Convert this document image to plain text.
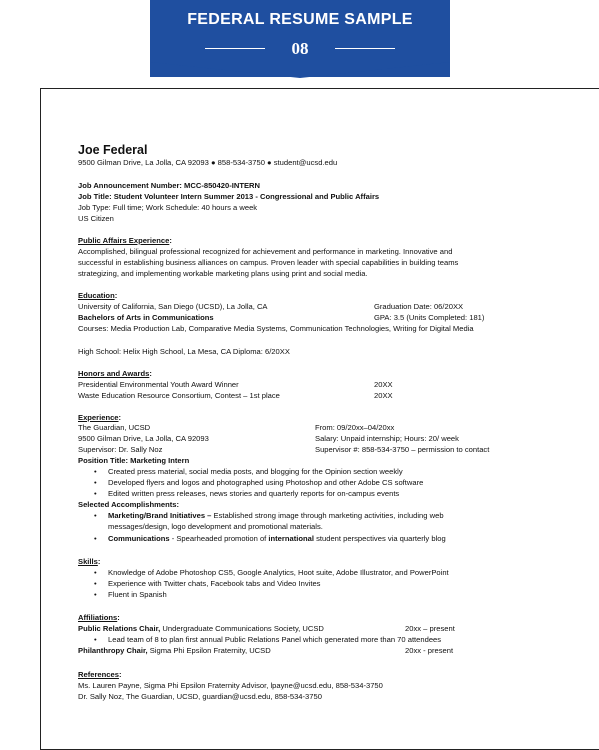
FEDERAL RESUME SAMPLE
08
Joe Federal
9500 Gilman Drive, La Jolla, CA 92093 ● 858-534-3750 ● student@ucsd.edu
Job Announcement Number: MCC-850420-INTERN
Job Title: Student Volunteer Intern Summer 2013 - Congressional and Public Affairs
Job Type: Full time; Work Schedule: 40 hours a week
US Citizen
Public Affairs Experience:
Accomplished, bilingual professional recognized for achievement and performance in marketing. Innovative and
successful in establishing business alliances on campus. Proven leader with special capabilities in building teams
strategizing, and implementing workable marketing plans using print and social media.
Education:
University of California, San Diego (UCSD), La Jolla, CA	Graduation Date: 06/20XX
Bachelors of Arts in Communications	GPA: 3.5 (Units Completed: 181)
Courses: Media Production Lab, Comparative Media Systems, Communication Technologies, Writing for Digital Media
High School: Helix High School, La Mesa, CA Diploma: 6/20XX
Honors and Awards:
Presidential Environmental Youth Award Winner	20XX
Waste Education Resource Consortium, Contest – 1st place	20XX
Experience:
The Guardian, UCSD	From: 09/20xx–04/20xx
9500 Gilman Drive, La Jolla, CA 92093	Salary: Unpaid internship; Hours: 20/ week
Supervisor: Dr. Sally Noz	Supervisor #: 858-534-3750 – permission to contact
Position Title: Marketing Intern
• Created press material, social media posts, and blogging for the Opinion section weekly
• Developed flyers and logos and photographed using Photoshop and other Adobe CS software
• Edited written press releases, news stories and quarterly reports for on-campus events
Selected Accomplishments:
• Marketing/Brand Initiatives – Established strong image through marketing activities, including web
messages/design, logo development and promotional materials.
• Communications - Spearheaded promotion of international student perspectives via quarterly blog
Skills:
• Knowledge of Adobe Photoshop CS5, Google Analytics, Hoot suite, Adobe Illustrator, and PowerPoint
• Experience with Twitter chats, Facebook tabs and Video Invites
• Fluent in Spanish
Affiliations:
Public Relations Chair, Undergraduate Communications Society, UCSD	20xx – present
• Lead team of 8 to plan first annual Public Relations Panel which generated more than 70 attendees
Philanthropy Chair, Sigma Phi Epsilon Fraternity, UCSD	20xx - present
References:
Ms. Lauren Payne, Sigma Phi Epsilon Fraternity Advisor, lpayne@ucsd.edu, 858-534-3750
Dr. Sally Noz, The Guardian, UCSD, guardian@ucsd.edu, 858-534-3750
